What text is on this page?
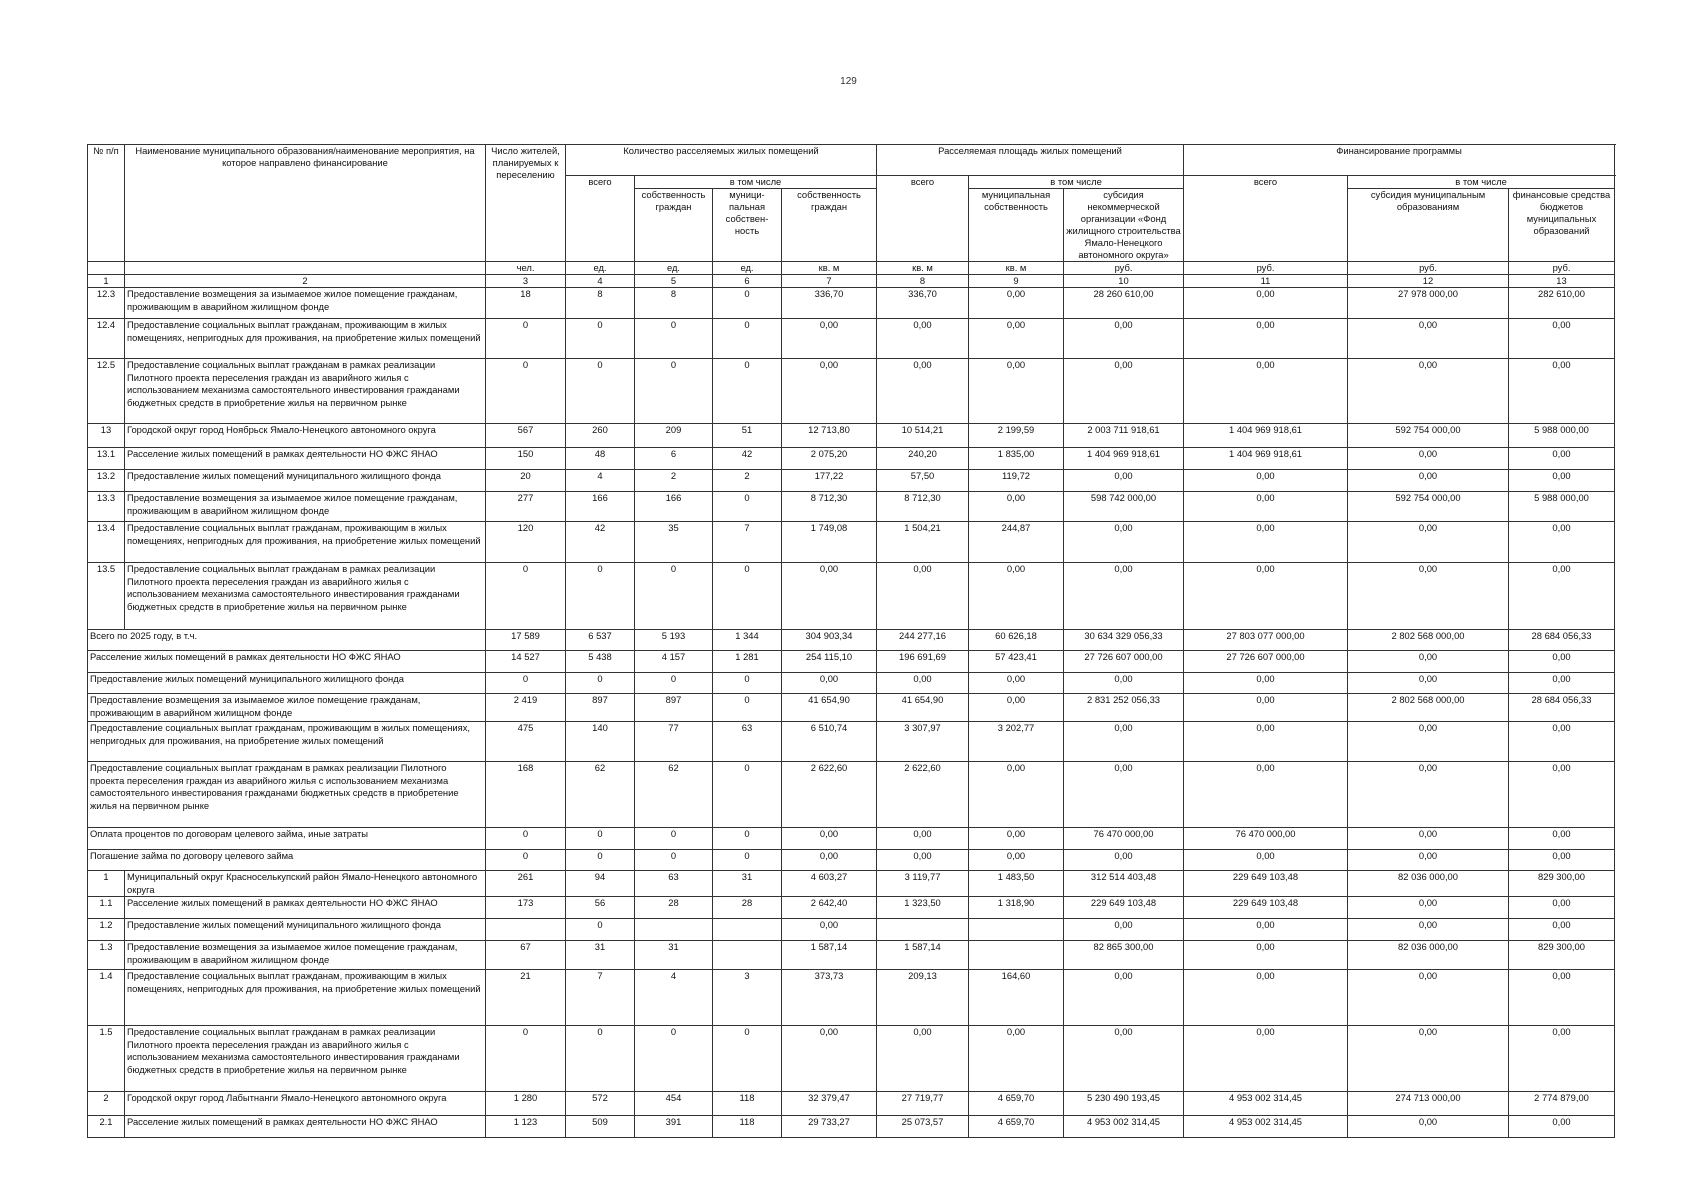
129
№ п/п	Наименование муниципального образования/наименование мероприятия, на которое направлено финансирование	Число жителей, планируемых к переселению	Количество расселяемых жилых помещений				Расселяемая площадь жилых помещений			Финансирование программы		
			всего	в том числе			всего	в том числе		всего	в том числе	
				собственность граждан	муници-пальная собствен-ность	собственность граждан		муниципальная собственность	субсидия некоммерческой организации «Фонд жилищного строительства Ямало-Ненецкого автономного округа»		субсидия муниципальным образованиям	финансовые средства бюджетов муниципальных образований
		чел.	ед.	ед.	ед.	кв. м	кв. м	кв. м	руб.	руб.	руб.	руб.
1	2	3	4	5	6	7	8	9	10	11	12	13
12.3	Предоставление возмещения за изымаемое жилое помещение гражданам, проживающим в аварийном жилищном фонде	18	8	8	0	336,70	336,70	0,00	28 260 610,00	0,00	27 978 000,00	282 610,00
12.4	Предоставление социальных выплат гражданам, проживающим в жилых помещениях, непригодных для проживания, на приобретение жилых помещений	0	0	0	0	0,00	0,00	0,00	0,00	0,00	0,00	0,00
12.5	Предоставление социальных выплат гражданам в рамках реализации Пилотного проекта переселения граждан из аварийного жилья с использованием механизма самостоятельного инвестирования гражданами бюджетных средств в приобретение жилья на первичном рынке	0	0	0	0	0,00	0,00	0,00	0,00	0,00	0,00	0,00
13	Городской округ город Ноябрьск Ямало-Ненецкого автономного округа	567	260	209	51	12 713,80	10 514,21	2 199,59	2 003 711 918,61	1 404 969 918,61	592 754 000,00	5 988 000,00
13.1	Расселение жилых помещений в рамках деятельности НО ФЖС ЯНАО	150	48	6	42	2 075,20	240,20	1 835,00	1 404 969 918,61	1 404 969 918,61	0,00	0,00
13.2	Предоставление жилых помещений муниципального жилищного фонда	20	4	2	2	177,22	57,50	119,72	0,00	0,00	0,00	0,00
13.3	Предоставление возмещения за изымаемое жилое помещение гражданам, проживающим в аварийном жилищном фонде	277	166	166	0	8 712,30	8 712,30	0,00	598 742 000,00	0,00	592 754 000,00	5 988 000,00
13.4	Предоставление социальных выплат гражданам, проживающим в жилых помещениях, непригодных для проживания, на приобретение жилых помещений	120	42	35	7	1 749,08	1 504,21	244,87	0,00	0,00	0,00	0,00
13.5	Предоставление социальных выплат гражданам в рамках реализации Пилотного проекта переселения граждан из аварийного жилья с использованием механизма самостоятельного инвестирования гражданами бюджетных средств в приобретение жилья на первичном рынке	0	0	0	0	0,00	0,00	0,00	0,00	0,00	0,00	0,00
Всего по 2025 году, в т.ч.		17 589	6 537	5 193	1 344	304 903,34	244 277,16	60 626,18	30 634 329 056,33	27 803 077 000,00	2 802 568 000,00	28 684 056,33
Расселение жилых помещений в рамках деятельности НО ФЖС ЯНАО		14 527	5 438	4 157	1 281	254 115,10	196 691,69	57 423,41	27 726 607 000,00	27 726 607 000,00	0,00	0,00
Предоставление жилых помещений муниципального жилищного фонда		0	0	0	0	0,00	0,00	0,00	0,00	0,00	0,00	0,00
Предоставление возмещения за изымаемое жилое помещение гражданам, проживающим в аварийном жилищном фонде		2 419	897	897	0	41 654,90	41 654,90	0,00	2 831 252 056,33	0,00	2 802 568 000,00	28 684 056,33
Предоставление социальных выплат гражданам, проживающим в жилых помещениях, непригодных для проживания, на приобретение жилых помещений		475	140	77	63	6 510,74	3 307,97	3 202,77	0,00	0,00	0,00	0,00
Предоставление социальных выплат гражданам в рамках реализации Пилотного проекта переселения граждан из аварийного жилья с использованием механизма самостоятельного инвестирования гражданами бюджетных средств в приобретение жилья на первичном рынке		168	62	62	0	2 622,60	2 622,60	0,00	0,00	0,00	0,00	0,00
Оплата процентов по договорам целевого займа, иные затраты		0	0	0	0	0,00	0,00	0,00	76 470 000,00	76 470 000,00	0,00	0,00
Погашение займа по договору целевого займа		0	0	0	0	0,00	0,00	0,00	0,00	0,00	0,00	0,00
1	Муниципальный округ Красноселькупский район Ямало-Ненецкого автономного округа	261	94	63	31	4 603,27	3 119,77	1 483,50	312 514 403,48	229 649 103,48	82 036 000,00	829 300,00
1.1	Расселение жилых помещений в рамках деятельности НО ФЖС ЯНАО	173	56	28	28	2 642,40	1 323,50	1 318,90	229 649 103,48	229 649 103,48	0,00	0,00
1.2	Предоставление жилых помещений муниципального жилищного фонда		0			0,00			0,00	0,00	0,00	0,00
1.3	Предоставление возмещения за изымаемое жилое помещение гражданам, проживающим в аварийном жилищном фонде	67	31	31		1 587,14	1 587,14		82 865 300,00	0,00	82 036 000,00	829 300,00
1.4	Предоставление социальных выплат гражданам, проживающим в жилых помещениях, непригодных для проживания, на приобретение жилых помещений	21	7	4	3	373,73	209,13	164,60	0,00	0,00	0,00	0,00
1.5	Предоставление социальных выплат гражданам в рамках реализации Пилотного проекта переселения граждан из аварийного жилья с использованием механизма самостоятельного инвестирования гражданами бюджетных средств в приобретение жилья на первичном рынке	0	0	0	0	0,00	0,00	0,00	0,00	0,00	0,00	0,00
2	Городской округ город Лабытнанги Ямало-Ненецкого автономного округа	1 280	572	454	118	32 379,47	27 719,77	4 659,70	5 230 490 193,45	4 953 002 314,45	274 713 000,00	2 774 879,00
2.1	Расселение жилых помещений в рамках деятельности НО ФЖС ЯНАО	1 123	509	391	118	29 733,27	25 073,57	4 659,70	4 953 002 314,45	4 953 002 314,45	0,00	0,00
